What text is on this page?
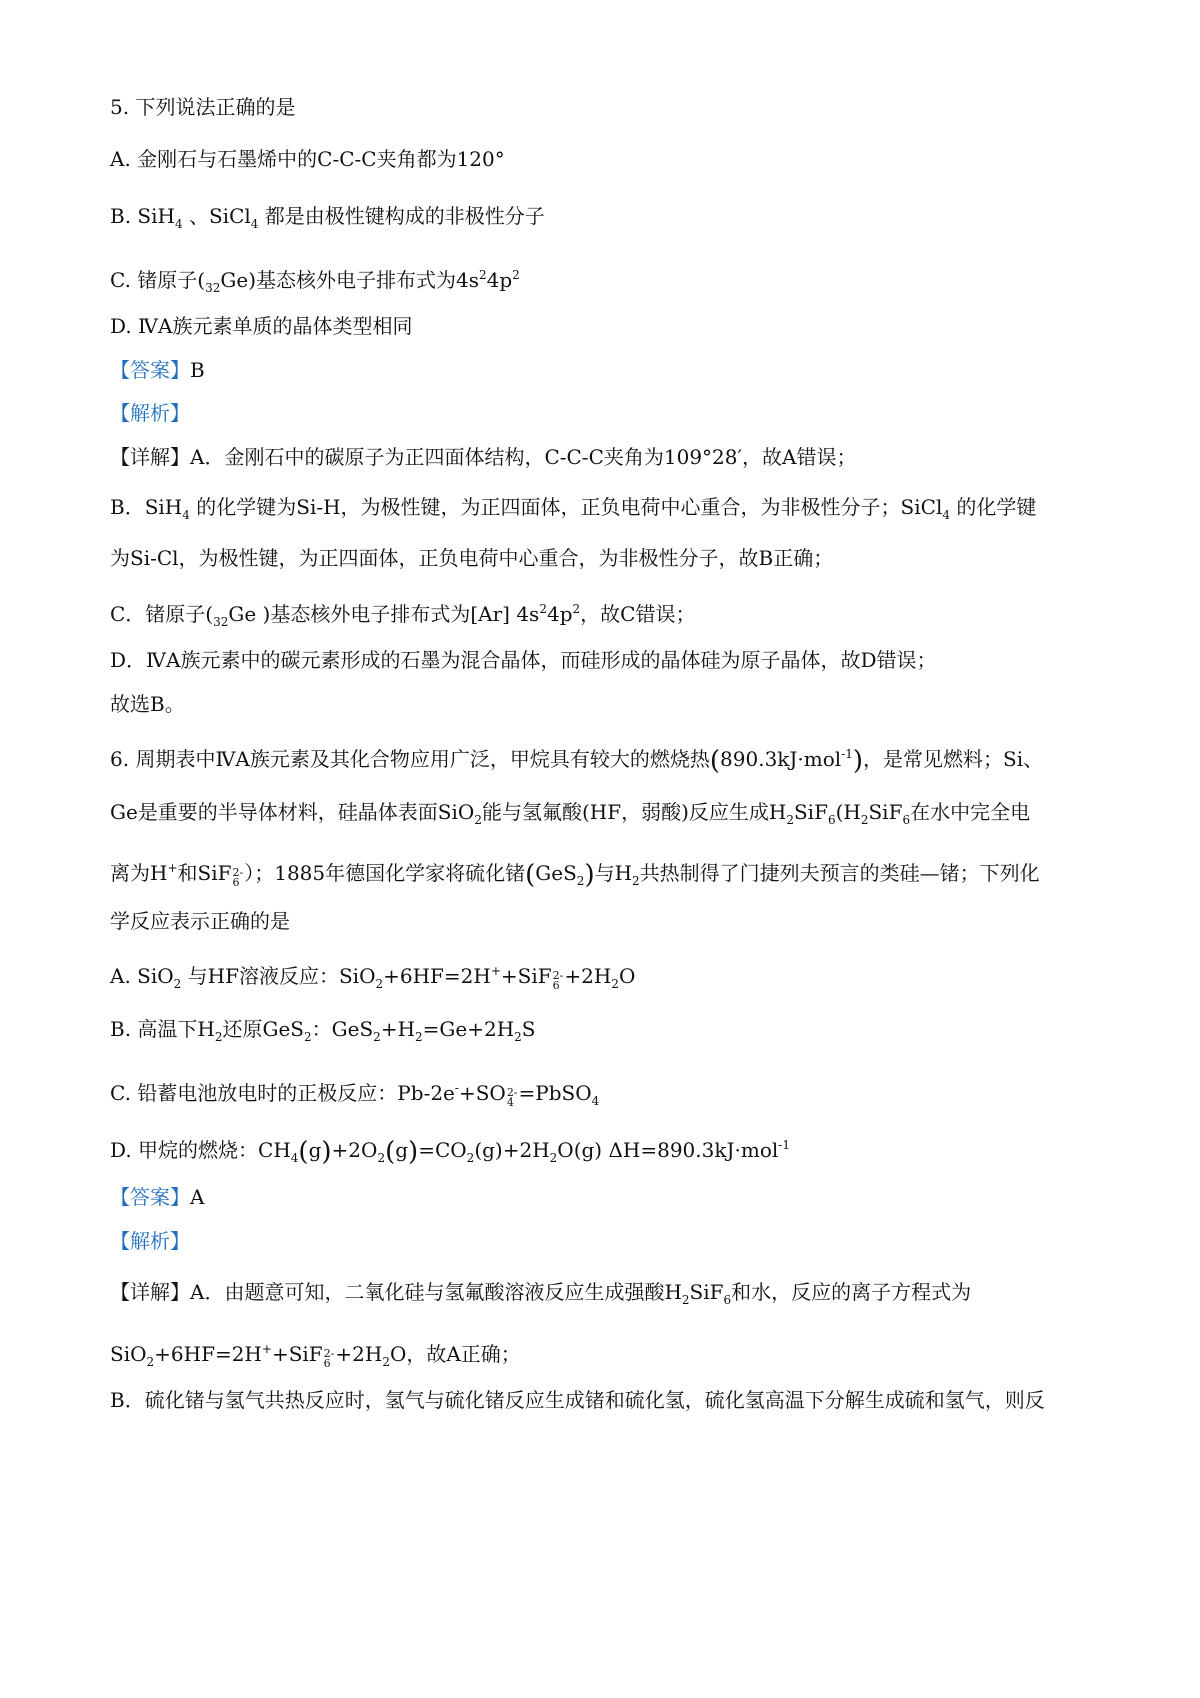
5. 下列说法正确的是
A. 金刚石与石墨烯中的C-C-C夹角都为120°
B. SiH$_4$ 、SiCl$_4$ 都是由极性键构成的非极性分子
C. 锗原子$(_{32}Ge)$基态核外电子排布式为$4s^24p^2$
D. ⅣA族元素单质的晶体类型相同
【答案】B
【解析】
【详解】A．金刚石中的碳原子为正四面体结构，C-C-C夹角为109°28′，故A错误；
B．SiH$_4$ 的化学键为Si-H，为极性键，为正四面体，正负电荷中心重合，为非极性分子；SiCl$_4$ 的化学键
为Si-Cl，为极性键，为正四面体，正负电荷中心重合，为非极性分子，故B正确；
C．锗原子($_{32}Ge$ )基态核外电子排布式为[Ar] $4s^24p^2$，故C错误；
D．ⅣA族元素中的碳元素形成的石墨为混合晶体，而硅形成的晶体硅为原子晶体，故D错误；
故选B。
6. 周期表中ⅣA族元素及其化合物应用广泛，甲烷具有较大的燃烧热(890.3kJ·mol$^{-1}$)，是常见燃料；Si、
Ge是重要的半导体材料，硅晶体表面SiO$_2$能与氢氟酸(HF，弱酸)反应生成$H_2SiF_6(H_2SiF_6$在水中完全电
离为H+和SiF 2-
6 ）；1885年德国化学家将硫化锗(GeS$_2$)与$H_2$共热制得了门捷列夫预言的类硅—锗；下列化
学反应表示正确的是
A. SiO$_2$ 与HF溶液反应：SiO$_2$+6HF=2H++SiF 2-
$6 +2H_2O$
B. 高温下$H_2$还原GeS$_2$：$GeS_2+H_2=Ge+2H_2S$
C. 铅蓄电池放电时的正极反应：Pb-2e-+SO 2-
4 =PbSO$_4$
D. 甲烷的燃烧：$CH_4(g)+2O_2(g)=CO_2(g)+2H_2O(g)$ ΔH=890.3kJ·mol$^{-1}$
【答案】A
【解析】
【详解】A．由题意可知，二氧化硅与氢氟酸溶液反应生成强酸$H_2SiF_6$和水，反应的离子方程式为
SiO$_2$+6HF=2H++SiF 2-
$6 +2H_2O$，故A正确；
B．硫化锗与氢气共热反应时，氢气与硫化锗反应生成锗和硫化氢，硫化氢高温下分解生成硫和氢气，则反
